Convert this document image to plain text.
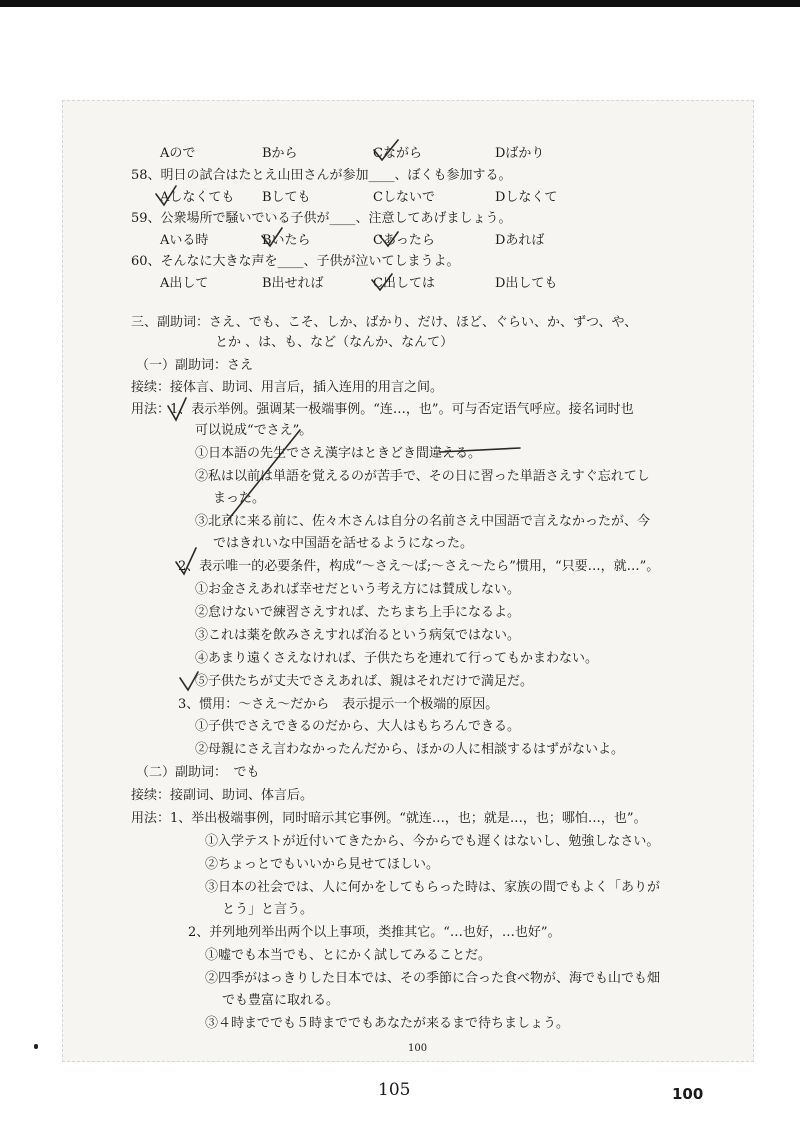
Aので	Bから	Cながら	Dばかり
58、明日の試合はたとえ山田さんが参加____、ぼくも参加する。
Aしなくても Bしても	Cしないで	Dしなくて
59、公衆場所で騒いでいる子供が____、注意してあげましょう。
Aいる時	Bいたら	Cあったら	Dあれば
60、そんなに大きな声を____、子供が泣いてしまうよ。
A出して	B出せれば	C出しては	D出しても
三、副助词：さえ、でも、こそ、しか、ばかり、だけ、ほど、ぐらい、か、ずつ、や、
とか 、は、も、など（なんか、なんて）
（一）副助词：さえ
接续：接体言、助词、用言后，插入连用的用言之间。
用法：1、表示举例。强调某一极端事例。“连…，也”。可与否定语气呼应。接名词时也
可以说成“でさえ”。
①日本語の先生でさえ漢字はときどき間違える。
②私は以前は単語を覚えるのが苦手で、その日に習った単語さえすぐ忘れてし
まった。
③北京に来る前に、佐々木さんは自分の名前さえ中国語で言えなかったが、今
ではきれいな中国語を話せるようになった。
2、表示唯一的必要条件，构成“～さえ～ば;～さえ～たら”惯用，“只要…，就…”。
①お金さえあれば幸せだという考え方には賛成しない。
②怠けないで練習さえすれば、たちまち上手になるよ。
③これは薬を飲みさえすれば治るという病気ではない。
④あまり遠くさえなければ、子供たちを連れて行ってもかまわない。
⑤子供たちが丈夫でさえあれば、親はそれだけで満足だ。
3、惯用：～さえ～だから　表示提示一个极端的原因。
①子供でさえできるのだから、大人はもちろんできる。
②母親にさえ言わなかったんだから、ほかの人に相談するはずがないよ。
（二）副助词：　でも
接续：接副词、助词、体言后。
用法：1、举出极端事例，同时暗示其它事例。“就连…，也；就是…，也；哪怕…，也”。
①入学テストが近付いてきたから、今からでも遅くはないし、勉強しなさい。
②ちょっとでもいいから見せてほしい。
③日本の社会では、人に何かをしてもらった時は、家族の間でもよく「ありが
とう」と言う。
2、并列地列举出两个以上事项，类推其它。“…也好，…也好”。
①嘘でも本当でも、とにかく試してみることだ。
②四季がはっきりした日本では、その季節に合った食べ物が、海でも山でも畑
でも豊富に取れる。
③４時まででも５時まででもあなたが来るまで待ちましょう。
100
105	100
